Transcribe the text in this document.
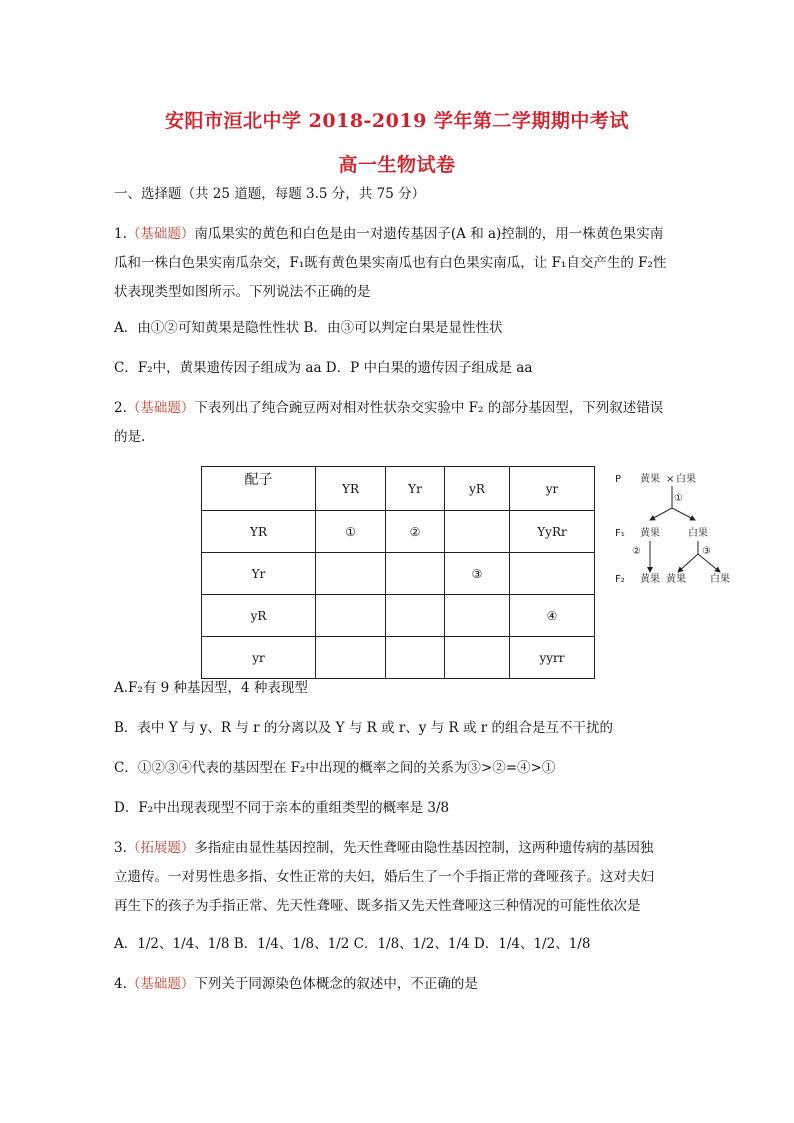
安阳市洹北中学 2018-2019 学年第二学期期中考试
高一生物试卷
一、选择题（共 25 道题，每题 3.5 分，共 75 分）
1.（基础题）南瓜果实的黄色和白色是由一对遗传基因子(A 和 a)控制的，用一株黄色果实南
瓜和一株白色果实南瓜杂交，F₁既有黄色果实南瓜也有白色果实南瓜，让 F₁自交产生的 F₂性
状表现类型如图所示。下列说法不正确的是
A．由①②可知黄果是隐性性状 B．由③可以判定白果是显性性状
C．F₂中，黄果遗传因子组成为 aa D．P 中白果的遗传因子组成是 aa
2.（基础题）下表列出了纯合豌豆两对相对性状杂交实验中 F₂ 的部分基因型，下列叙述错误
的是.
配子	YR	Yr	yR	yr
YR	①	②		YyRr
Yr			③	
yR				④
yr				yyrr
P 黄果 × 白果
①
F₁ 黄果	白果
②	③
F₂ 黄果 黄果 白果
A.F₂有 9 种基因型，4 种表现型
B．表中 Y 与 y、R 与 r 的分离以及 Y 与 R 或 r、y 与 R 或 r 的组合是互不干扰的
C．①②③④代表的基因型在 F₂中出现的概率之间的关系为③>②=④>①
D．F₂中出现表现型不同于亲本的重组类型的概率是 3/8
3.（拓展题）多指症由显性基因控制，先天性聋哑由隐性基因控制，这两种遗传病的基因独
立遗传。一对男性患多指、女性正常的夫妇，婚后生了一个手指正常的聋哑孩子。这对夫妇
再生下的孩子为手指正常、先天性聋哑、既多指又先天性聋哑这三种情况的可能性依次是
A．1/2、1/4、1/8 B．1/4、1/8、1/2 C．1/8、1/2、1/4 D．1/4、1/2、1/8
4.（基础题）下列关于同源染色体概念的叙述中，不正确的是
